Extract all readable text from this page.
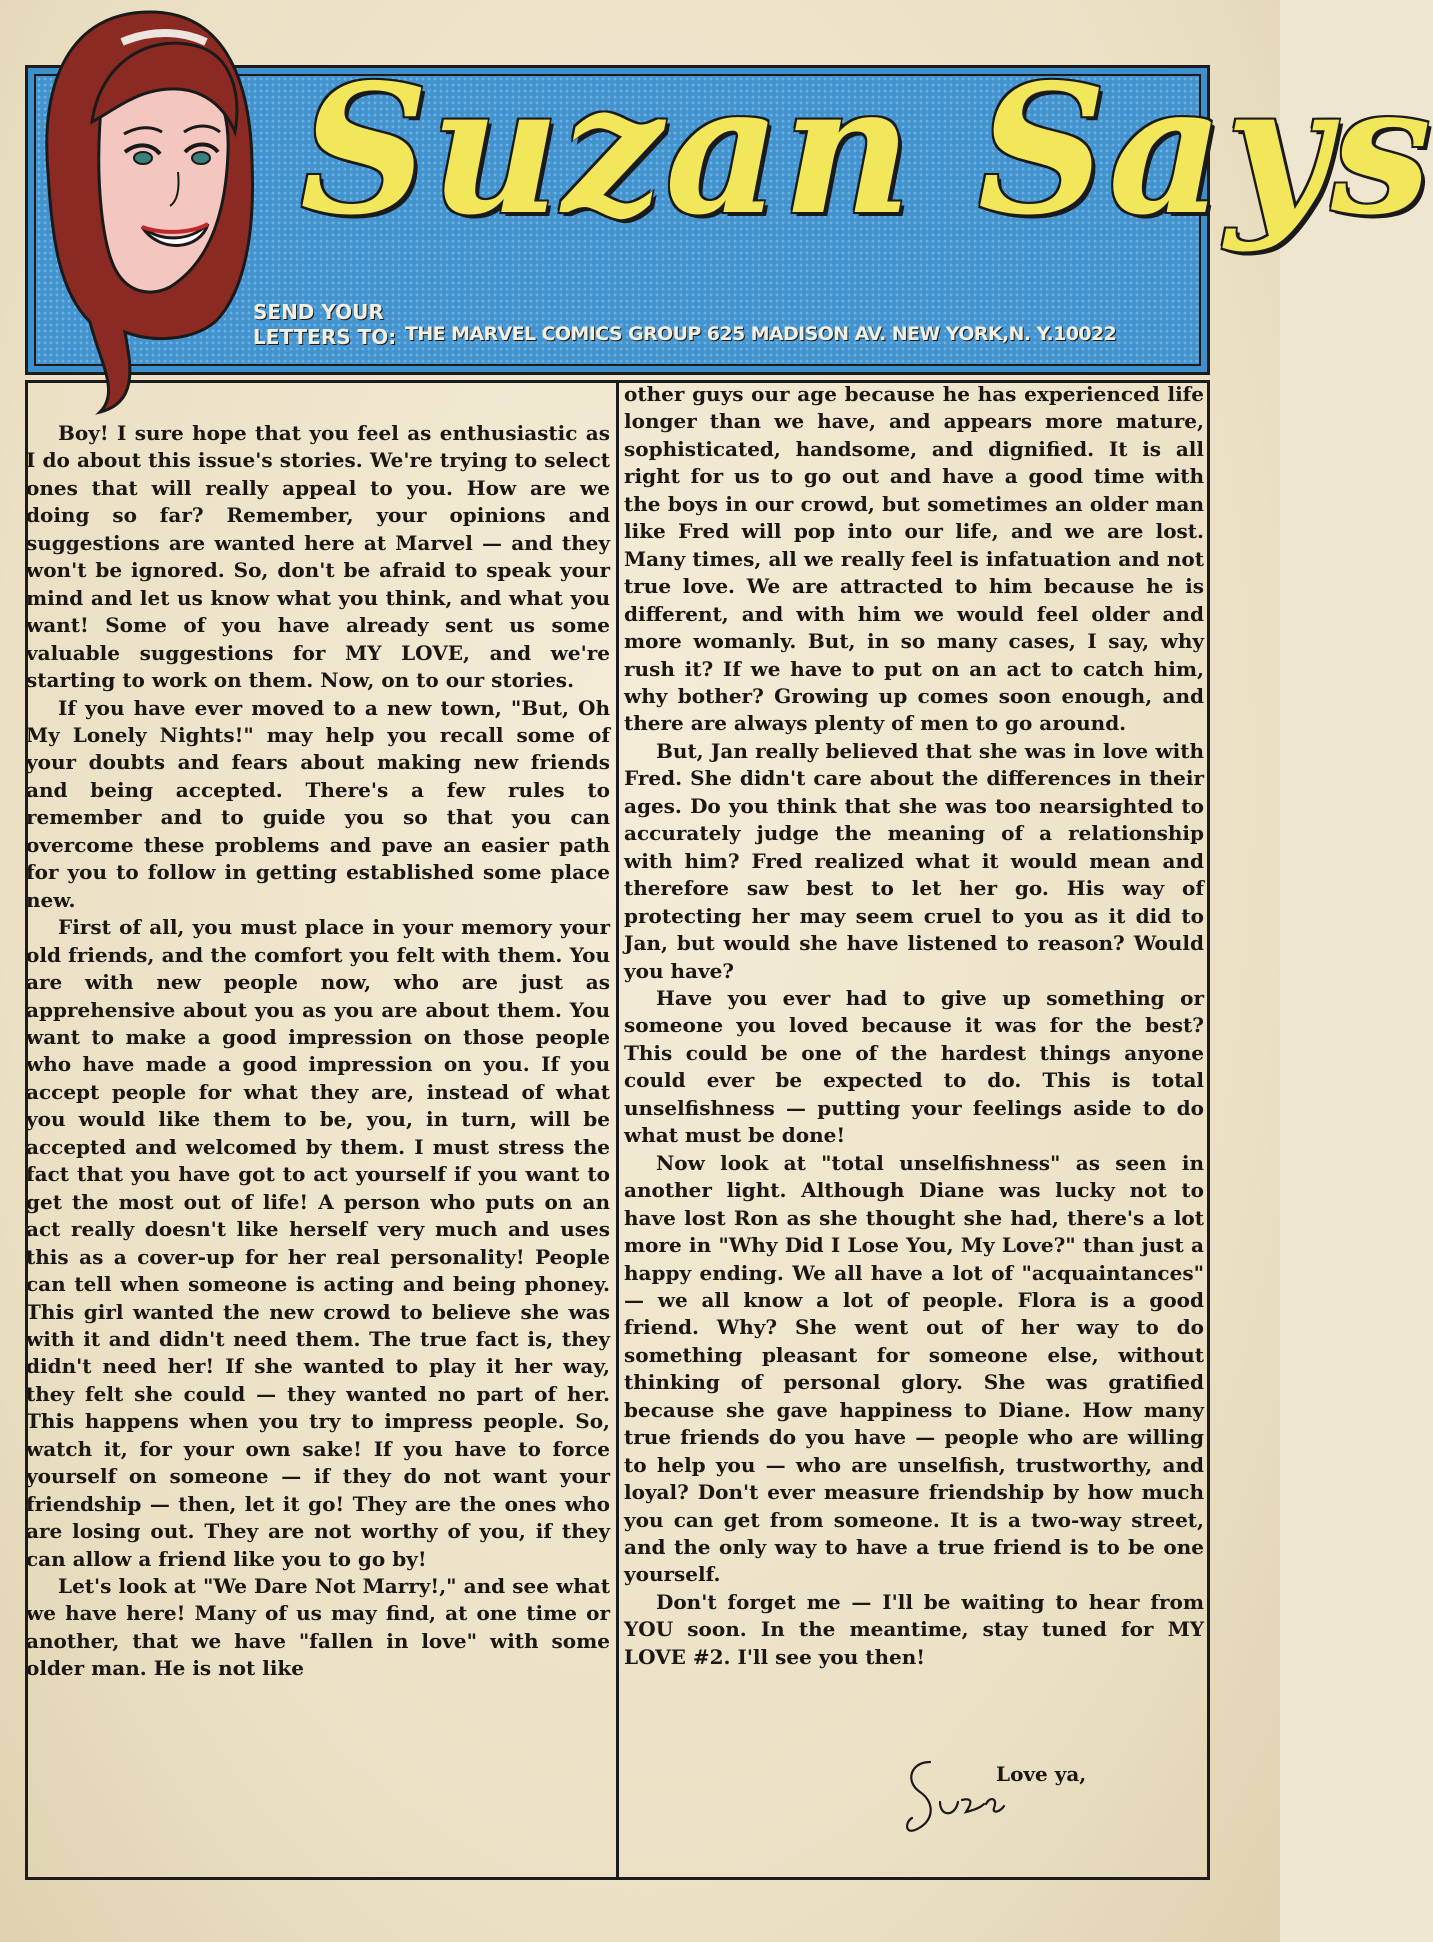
Suzan Says
SEND YOUR LETTERS TO: THE MARVEL COMICS GROUP 625 MADISON AV. NEW YORK,N. Y.10022

Boy! I sure hope that you feel as enthusiastic as I do about this issue's stories. We're trying to select ones that will really appeal to you. How are we doing so far? Remember, your opinions and suggestions are wanted here at Marvel — and they won't be ignored. So, don't be afraid to speak your mind and let us know what you think, and what you want! Some of you have already sent us some valuable suggestions for MY LOVE, and we're starting to work on them. Now, on to our stories.

If you have ever moved to a new town, "But, Oh My Lonely Nights!" may help you recall some of your doubts and fears about making new friends and being accepted. There's a few rules to remember and to guide you so that you can overcome these problems and pave an easier path for you to follow in getting established some place new.

First of all, you must place in your memory your old friends, and the comfort you felt with them. You are with new people now, who are just as apprehensive about you as you are about them. You want to make a good impression on those people who have made a good impression on you. If you accept people for what they are, instead of what you would like them to be, you, in turn, will be accepted and welcomed by them. I must stress the fact that you have got to act yourself if you want to get the most out of life! A person who puts on an act really doesn't like herself very much and uses this as a cover-up for her real personality! People can tell when someone is acting and being phoney. This girl wanted the new crowd to believe she was with it and didn't need them. The true fact is, they didn't need her! If she wanted to play it her way, they felt she could — they wanted no part of her. This happens when you try to impress people. So, watch it, for your own sake! If you have to force yourself on someone — if they do not want your friendship — then, let it go! They are the ones who are losing out. They are not worthy of you, if they can allow a friend like you to go by!

Let's look at "We Dare Not Marry!," and see what we have here! Many of us may find, at one time or another, that we have "fallen in love" with some older man. He is not like

other guys our age because he has experienced life longer than we have, and appears more mature, sophisticated, handsome, and dignified. It is all right for us to go out and have a good time with the boys in our crowd, but sometimes an older man like Fred will pop into our life, and we are lost. Many times, all we really feel is infatuation and not true love. We are attracted to him because he is different, and with him we would feel older and more womanly. But, in so many cases, I say, why rush it? If we have to put on an act to catch him, why bother? Growing up comes soon enough, and there are always plenty of men to go around.

But, Jan really believed that she was in love with Fred. She didn't care about the differences in their ages. Do you think that she was too nearsighted to accurately judge the meaning of a relationship with him? Fred realized what it would mean and therefore saw best to let her go. His way of protecting her may seem cruel to you as it did to Jan, but would she have listened to reason? Would you have?

Have you ever had to give up something or someone you loved because it was for the best? This could be one of the hardest things anyone could ever be expected to do. This is total unselfishness — putting your feelings aside to do what must be done!

Now look at "total unselfishness" as seen in another light. Although Diane was lucky not to have lost Ron as she thought she had, there's a lot more in "Why Did I Lose You, My Love?" than just a happy ending. We all have a lot of "acquaintances" — we all know a lot of people. Flora is a good friend. Why? She went out of her way to do something pleasant for someone else, without thinking of personal glory. She was gratified because she gave happiness to Diane. How many true friends do you have — people who are willing to help you — who are unselfish, trustworthy, and loyal? Don't ever measure friendship by how much you can get from someone. It is a two-way street, and the only way to have a true friend is to be one yourself.

Don't forget me — I'll be waiting to hear from YOU soon. In the meantime, stay tuned for MY LOVE #2. I'll see you then!

Love ya,
